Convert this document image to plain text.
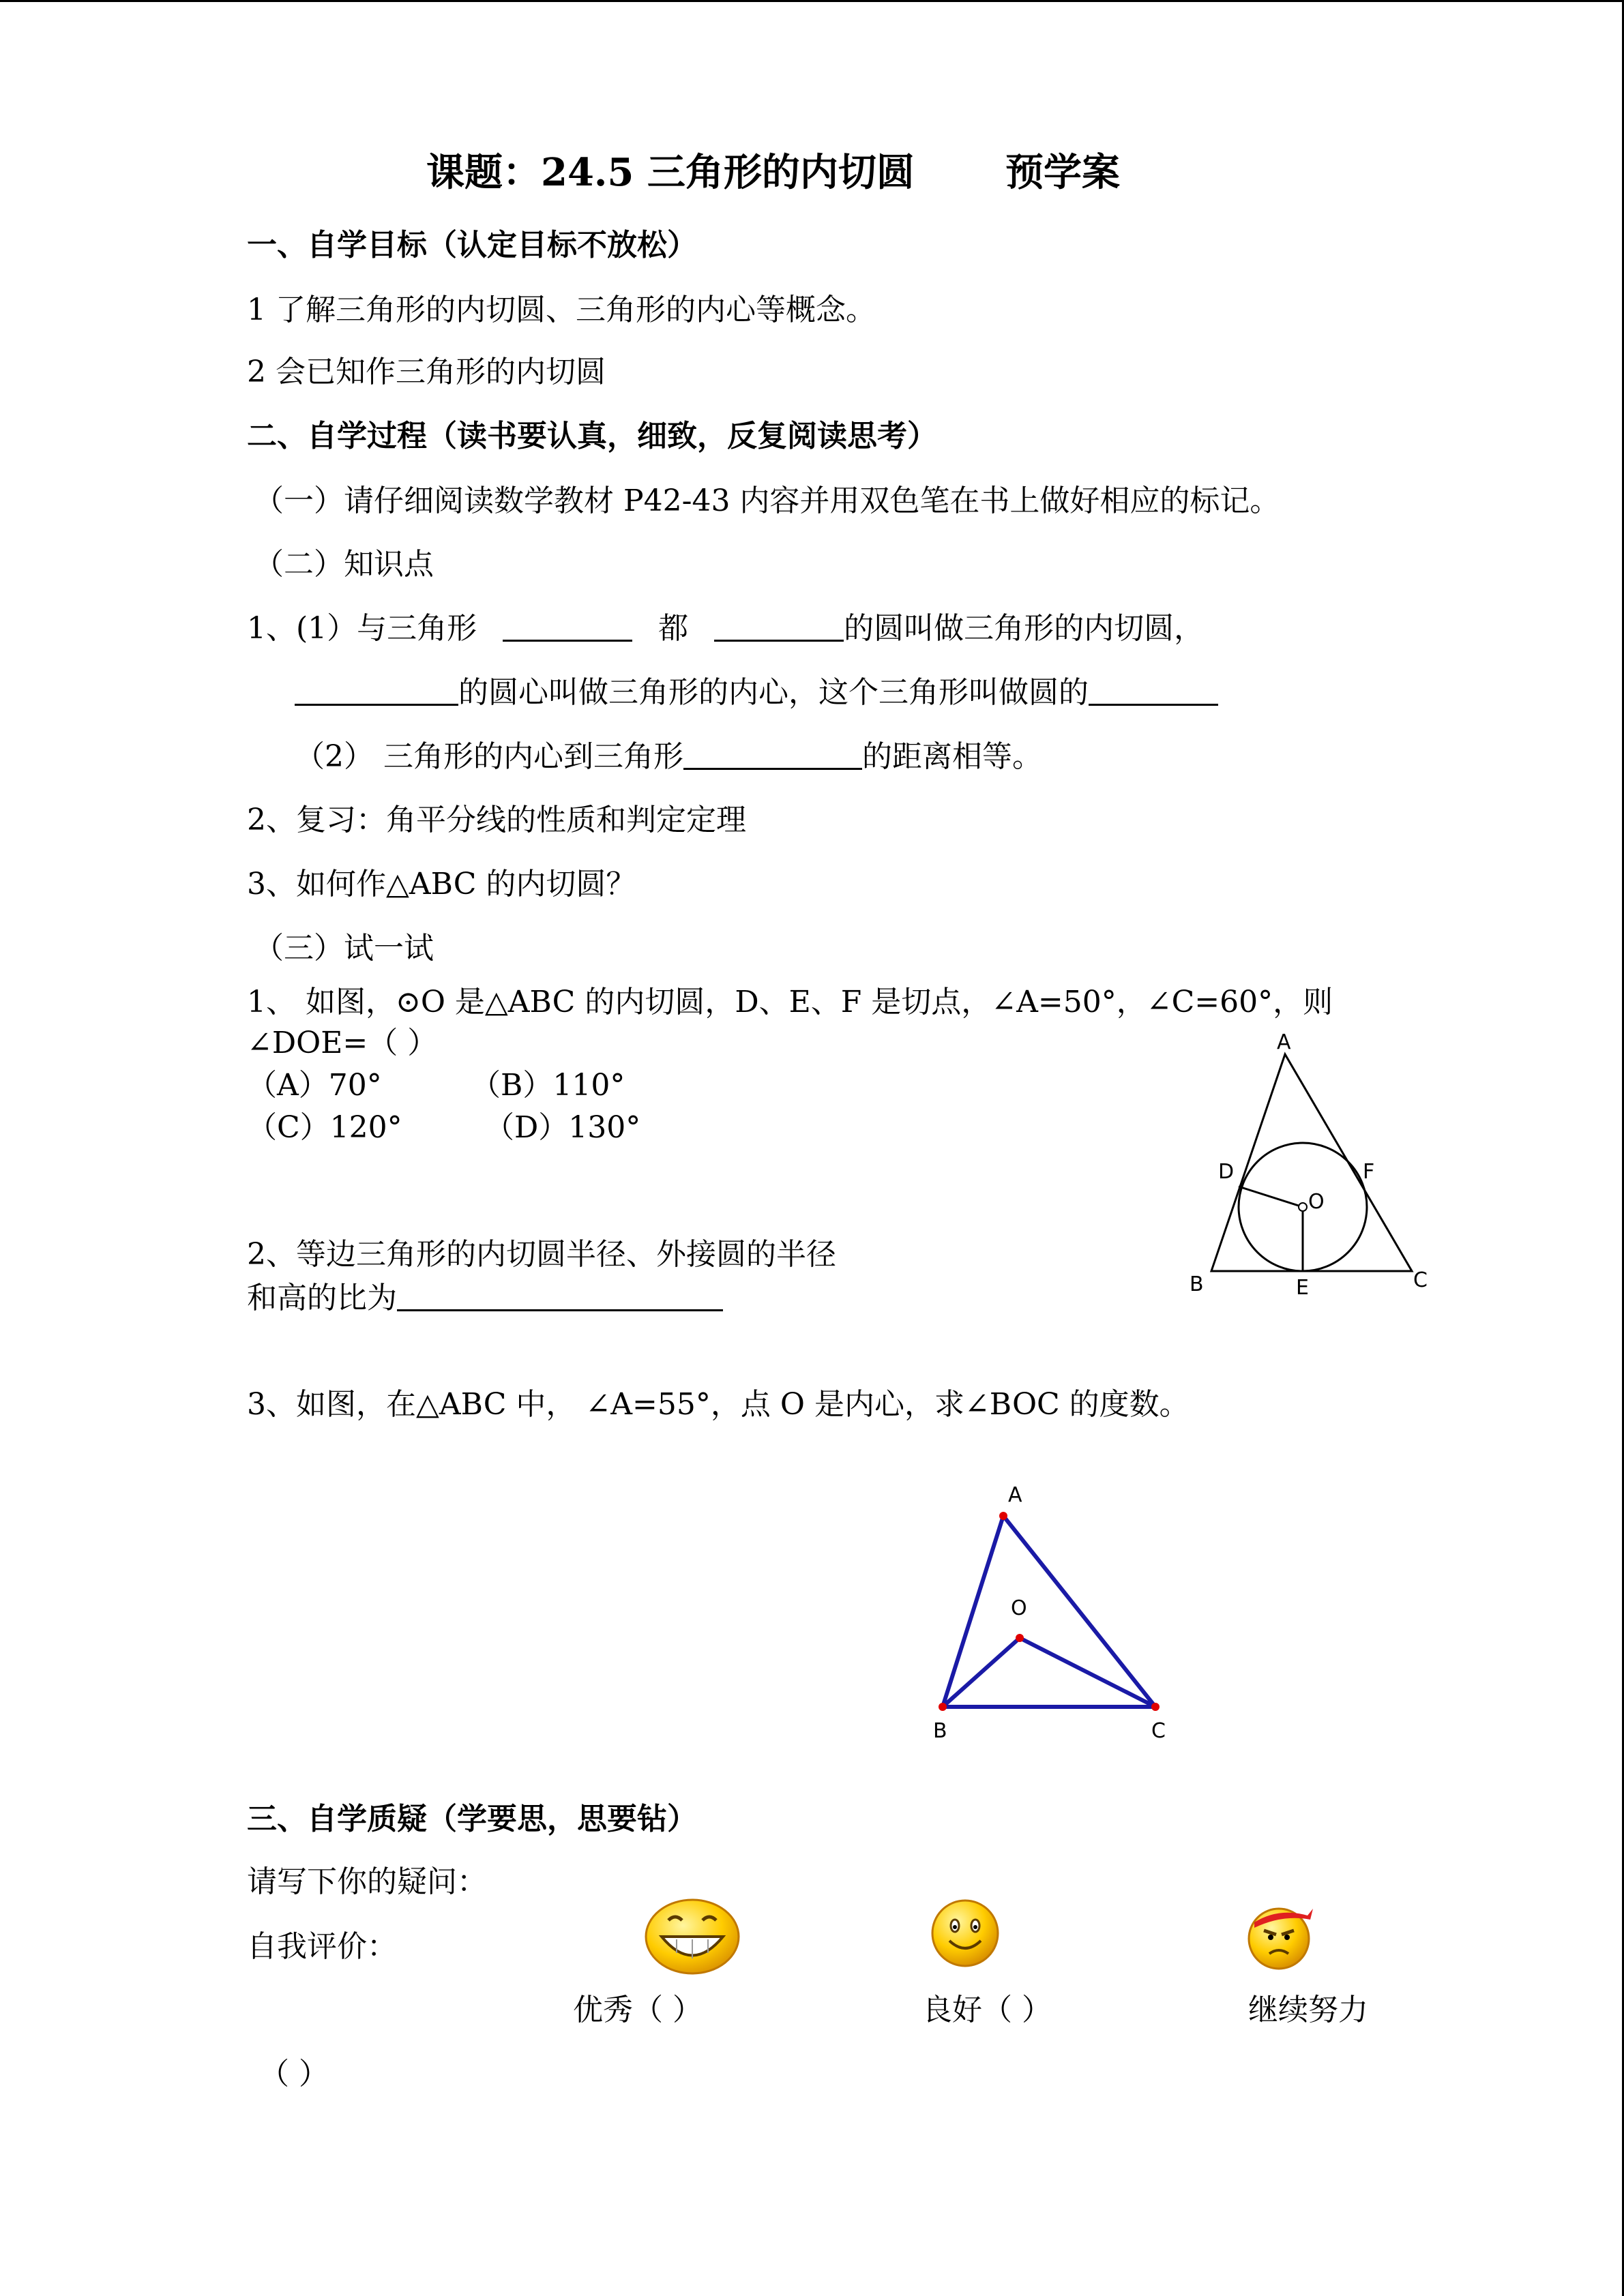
课题：24.5 三角形的内切圆 预学案
一、自学目标（认定目标不放松）
1 了解三角形的内切圆、三角形的内心等概念。
2 会已知作三角形的内切圆
二、自学过程（读书要认真，细致，反复阅读思考）
（一）请仔细阅读数学教材 P42-43 内容并用双色笔在书上做好相应的标记。
（二）知识点
1、(1）与三角形	都	的圆叫做三角形的内切圆，
的圆心叫做三角形的内心，这个三角形叫做圆的
（2） 三角形的内心到三角形	的距离相等。
2、复习：角平分线的性质和判定定理
3、如何作△ABC 的内切圆？
（三）试一试
1、 如图，⊙O 是△ABC 的内切圆，D、E、F 是切点，∠A=50°，∠C=60°，则
∠DOE=（ ）
（A）70°	（B）110°
（C）120°	（D）130°
A
B	C
D
E
F
O
2、等边三角形的内切圆半径、外接圆的半径
和高的比为
3、如图，在△ABC 中， ∠A=55°，点 O 是内心，求∠BOC 的度数。
A
B	C
O
三、自学质疑（学要思，思要钻）
请写下你的疑问：
自我评价：
优秀（ ）	良好（ ）	继续努力
（ ）
